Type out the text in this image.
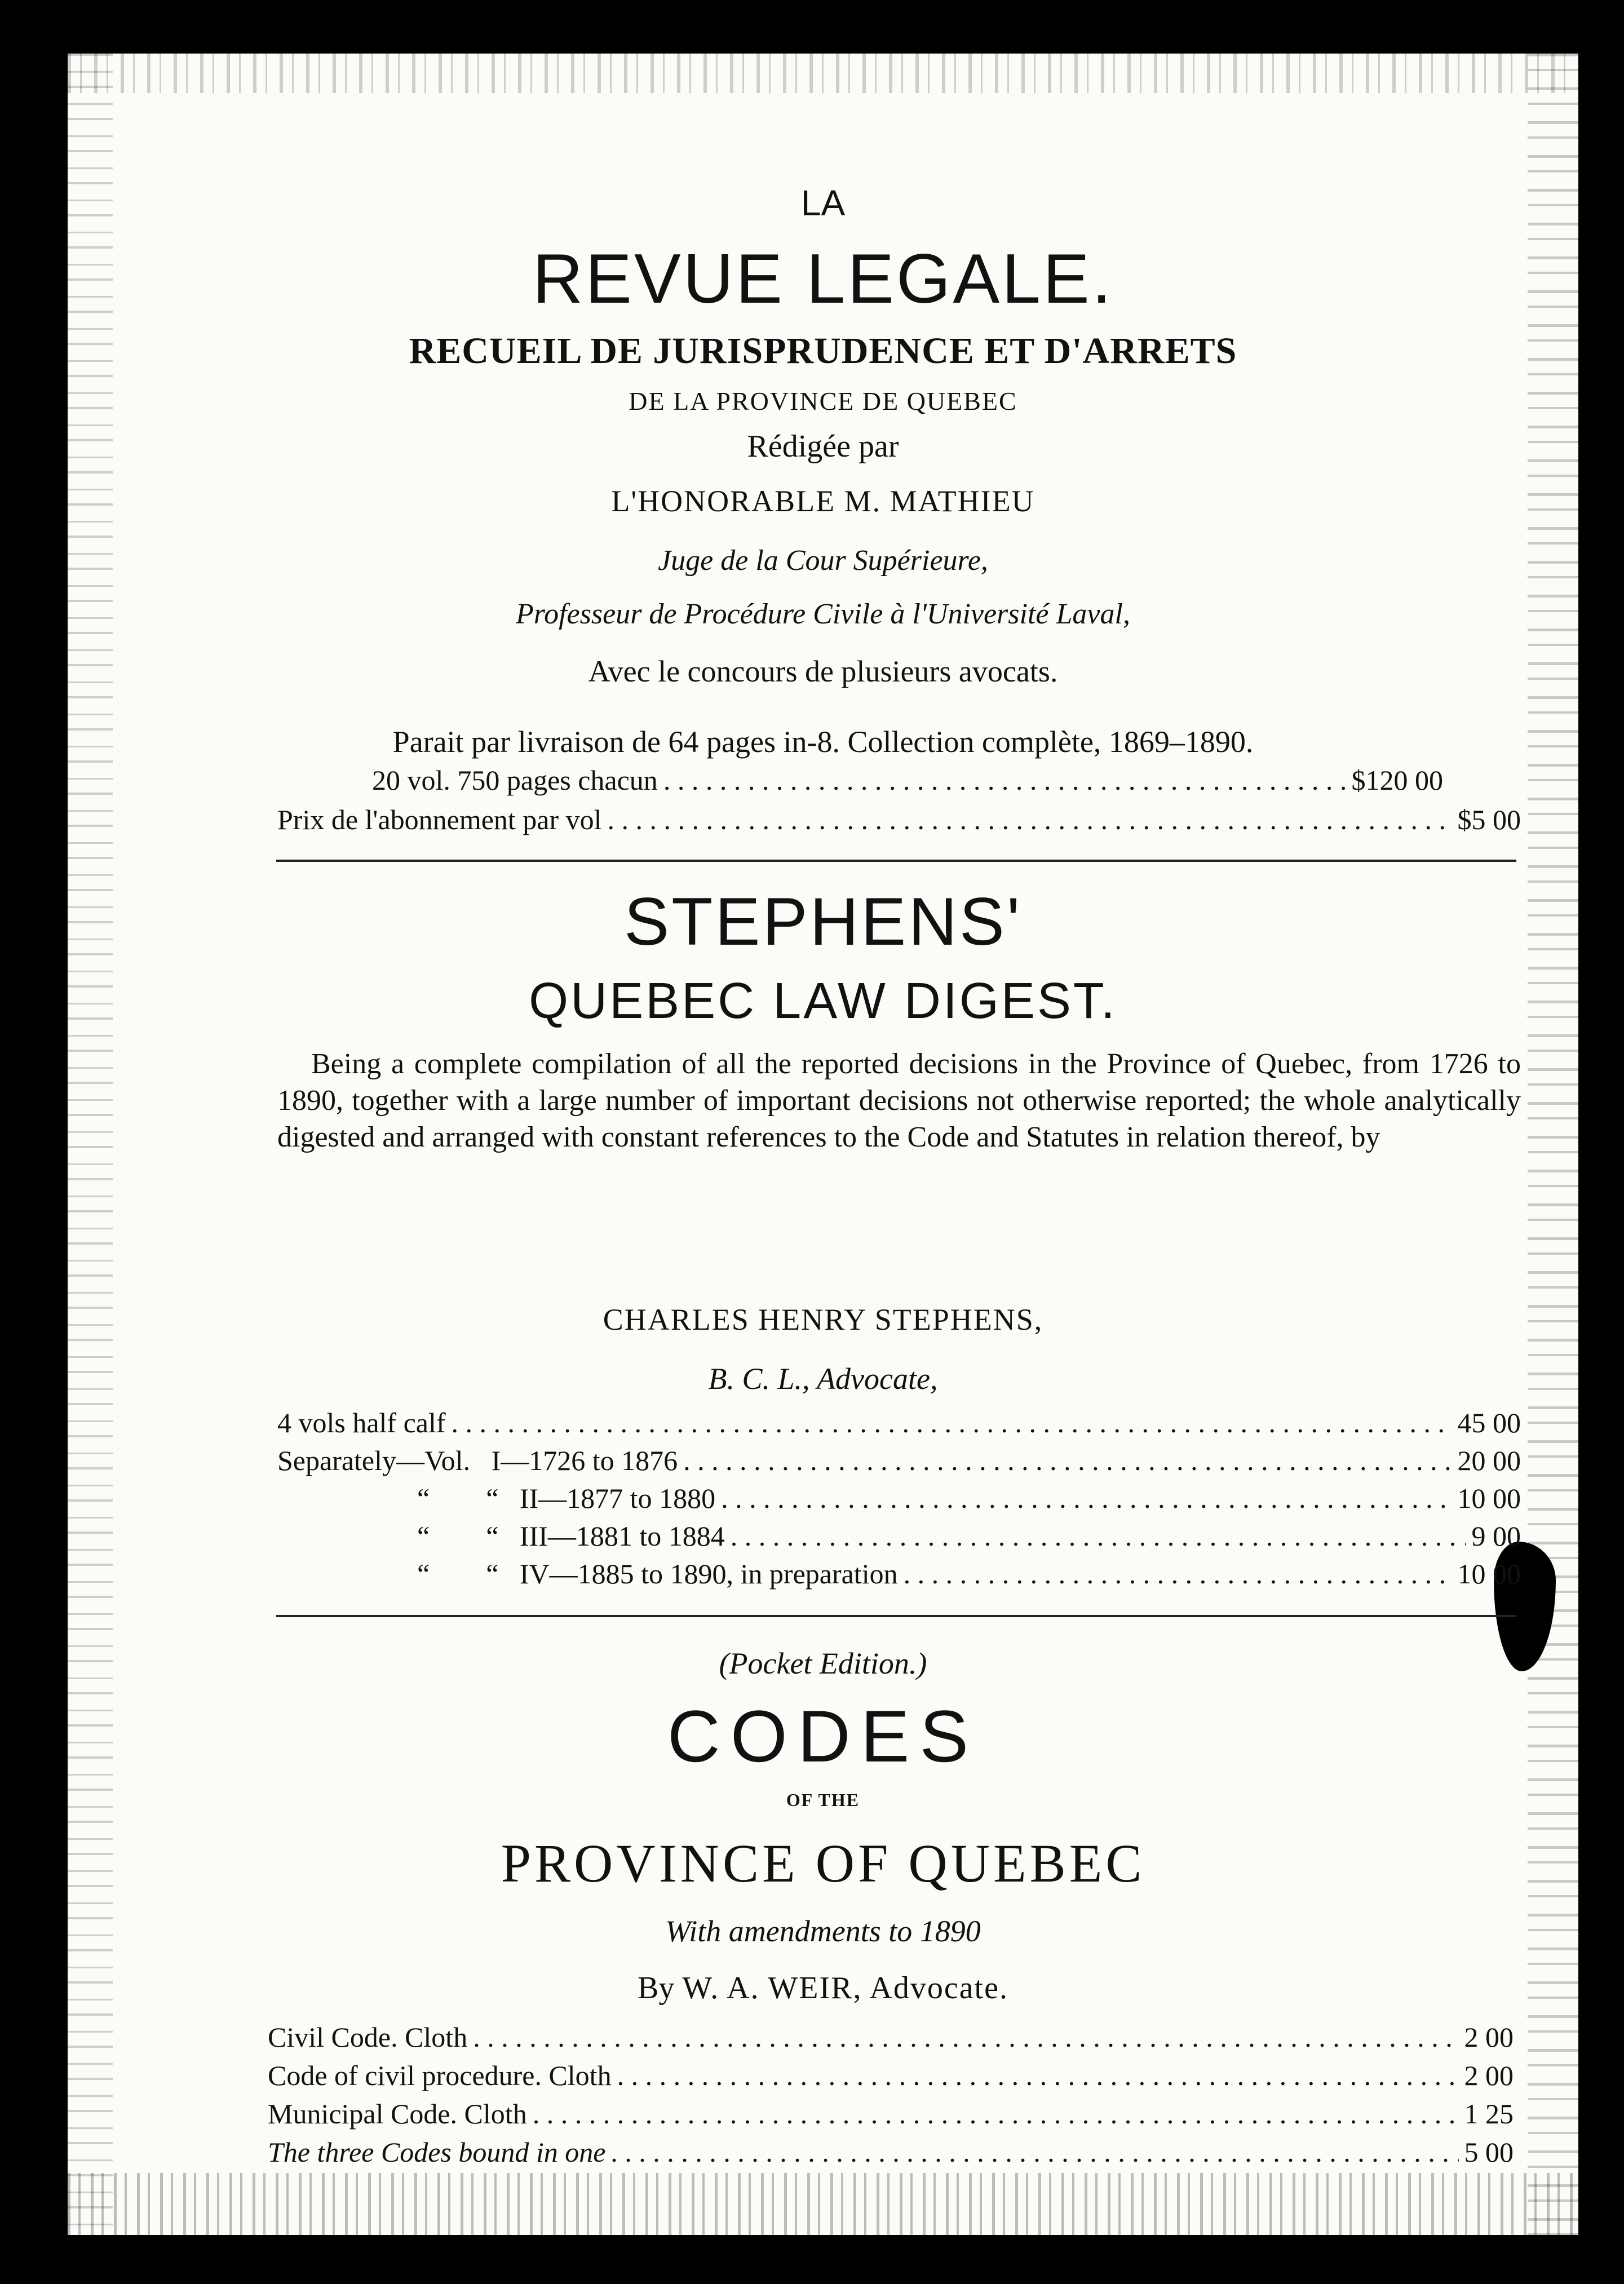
LA
REVUE LEGALE.
RECUEIL DE JURISPRUDENCE ET D'ARRETS
DE LA PROVINCE DE QUEBEC
Rédigée par
L'HONORABLE M. MATHIEU
Juge de la Cour Supérieure,
Professeur de Procédure Civile à l'Université Laval,
Avec le concours de plusieurs avocats.
Parait par livraison de 64 pages in-8. Collection complète, 1869–1890.
20 vol. 750 pages chacun . . .	$120 00
Prix de l'abonnement par vol . . .	$5 00
STEPHENS'
QUEBEC LAW DIGEST.
Being a complete compilation of all the reported decisions in the Province of Quebec, from 1726 to 1890, together with a large number of important decisions not otherwise reported; the whole analytically digested and arranged with constant references to the Code and Statutes in relation thereof, by
CHARLES HENRY STEPHENS,
B. C. L., Advocate,
4 vols half calf . . .	45 00
Separately—Vol.   I—1726 to 1876 . . .	20 00
“        “   II—1877 to 1880 . . .	10 00
“        “   III—1881 to 1884 . . .	9 00
“        “   IV—1885 to 1890, in preparation . . .	10 00
(Pocket Edition.)
CODES
OF THE
PROVINCE OF QUEBEC
With amendments to 1890
By W. A. WEIR, Advocate.
Civil Code. Cloth . . .	2 00
Code of civil procedure. Cloth . . .	2 00
Municipal Code. Cloth . . .	1 25
The three Codes bound in one . . .	5 00
